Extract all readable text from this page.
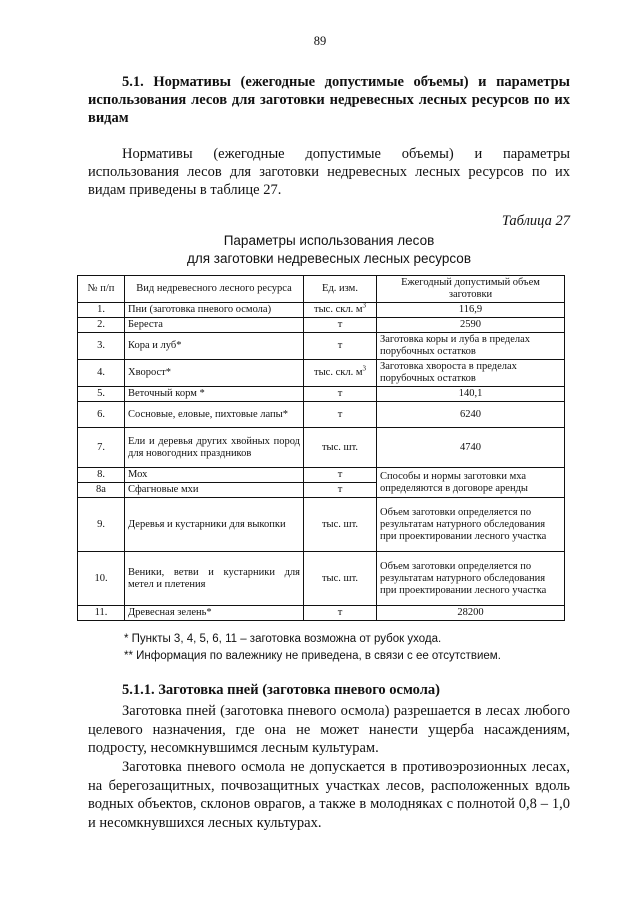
89
5.1. Нормативы (ежегодные допустимые объемы) и параметры использования лесов для заготовки недревесных лесных ресурсов по их видам
Нормативы (ежегодные допустимые объемы) и параметры использования лесов для заготовки недревесных лесных ресурсов по их видам приведены в таблице 27.
Таблица 27
Параметры использования лесов
для заготовки недревесных лесных ресурсов
№ п/п	Вид недревесного лесного ресурса	Ед. изм.	Ежегодный допустимый объем заготовки
1.	Пни (заготовка пневого осмола)	тыс. скл. $м^3$	116,9
2.	Береста	т	2590
3.	Кора и луб*	т	Заготовка коры и луба в пределах порубочных остатков
4.	Хворост*	тыс. скл. $м^3$	Заготовка хвороста в пределах порубочных остатков
5.	Веточный корм *	т	140,1
6.	Сосновые, еловые, пихтовые лапы*	т	6240
7.	Ели и деревья других хвойных пород для новогодних праздников	тыс. шт.	4740
8.	Мох	т	Способы и нормы заготовки мха определяются в договоре аренды
8а	Сфагновые мхи	т	
9.	Деревья и кустарники для выкопки	тыс. шт.	Объем заготовки определяется по результатам натурного обследования при проектировании лесного участка
10.	Веники, ветви и кустарники для метел и плетения	тыс. шт.	Объем заготовки определяется по результатам натурного обследования при проектировании лесного участка
11.	Древесная зелень*	т	28200
* Пункты 3, 4, 5, 6, 11 – заготовка возможна от рубок ухода.
** Информация по валежнику не приведена, в связи с ее отсутствием.
5.1.1. Заготовка пней (заготовка пневого осмола)
Заготовка пней (заготовка пневого осмола) разрешается в лесах любого целевого назначения, где она не может нанести ущерба насаждениям, подросту, несомкнувшимся лесным культурам.
Заготовка пневого осмола не допускается в противоэрозионных лесах, на берегозащитных, почвозащитных участках лесов, расположенных вдоль водных объектов, склонов оврагов, а также в молодняках с полнотой 0,8 – 1,0 и несомкнувшихся лесных культурах.
